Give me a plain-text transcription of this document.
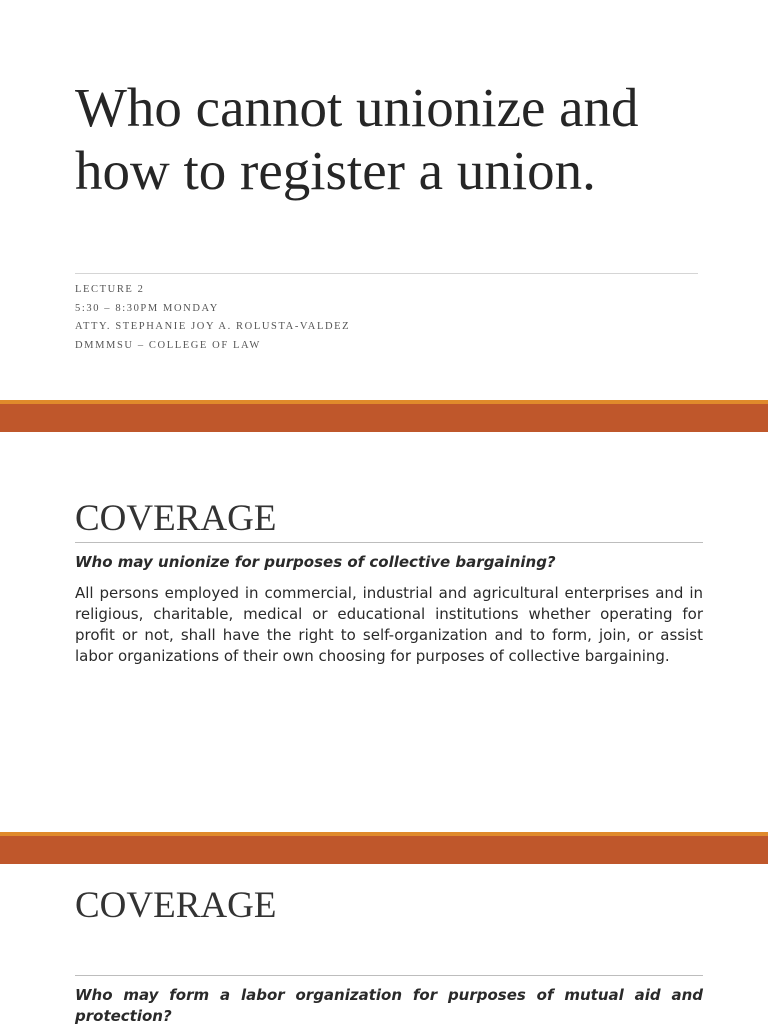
Who cannot unionize and how to register a union.
LECTURE 2
5:30 – 8:30PM MONDAY
ATTY. STEPHANIE JOY A. ROLUSTA-VALDEZ
DMMMSU – COLLEGE OF LAW
COVERAGE

Who may unionize for purposes of collective bargaining?

All persons employed in commercial, industrial and agricultural enterprises and in religious, charitable, medical or educational institutions whether operating for profit or not, shall have the right to self-organization and to form, join, or assist labor organizations of their own choosing for purposes of collective bargaining.

COVERAGE

Who may form a labor organization for purposes of mutual aid and protection?
